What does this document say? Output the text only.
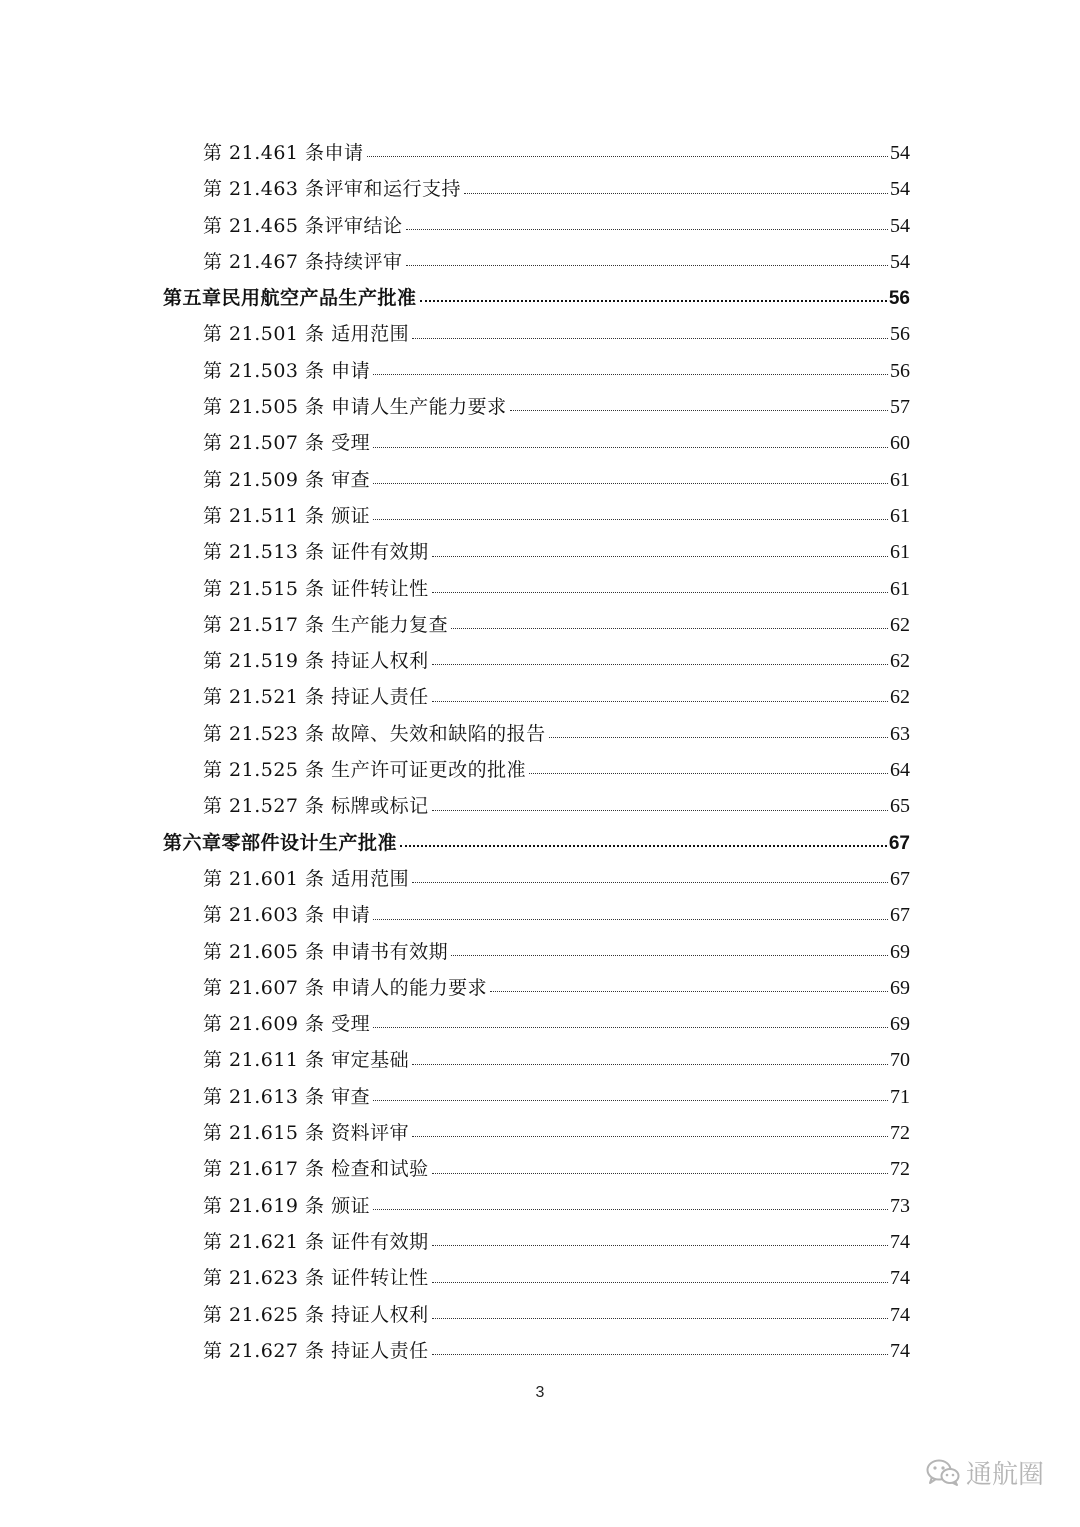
第 21.461 条申请	54
第 21.463 条评审和运行支持	54
第 21.465 条评审结论	54
第 21.467 条持续评审	54
第五章民用航空产品生产批准	56
第 21.501 条 适用范围	56
第 21.503 条 申请	56
第 21.505 条 申请人生产能力要求	57
第 21.507 条 受理	60
第 21.509 条 审查	61
第 21.511 条 颁证	61
第 21.513 条 证件有效期	61
第 21.515 条 证件转让性	61
第 21.517 条 生产能力复查	62
第 21.519 条 持证人权利	62
第 21.521 条 持证人责任	62
第 21.523 条 故障、失效和缺陷的报告	63
第 21.525 条 生产许可证更改的批准	64
第 21.527 条 标牌或标记	65
第六章零部件设计生产批准	67
第 21.601 条 适用范围	67
第 21.603 条 申请	67
第 21.605 条 申请书有效期	69
第 21.607 条 申请人的能力要求	69
第 21.609 条 受理	69
第 21.611 条 审定基础	70
第 21.613 条 审查	71
第 21.615 条 资料评审	72
第 21.617 条 检查和试验	72
第 21.619 条 颁证	73
第 21.621 条 证件有效期	74
第 21.623 条 证件转让性	74
第 21.625 条 持证人权利	74
第 21.627 条 持证人责任	74
3
通航圈
